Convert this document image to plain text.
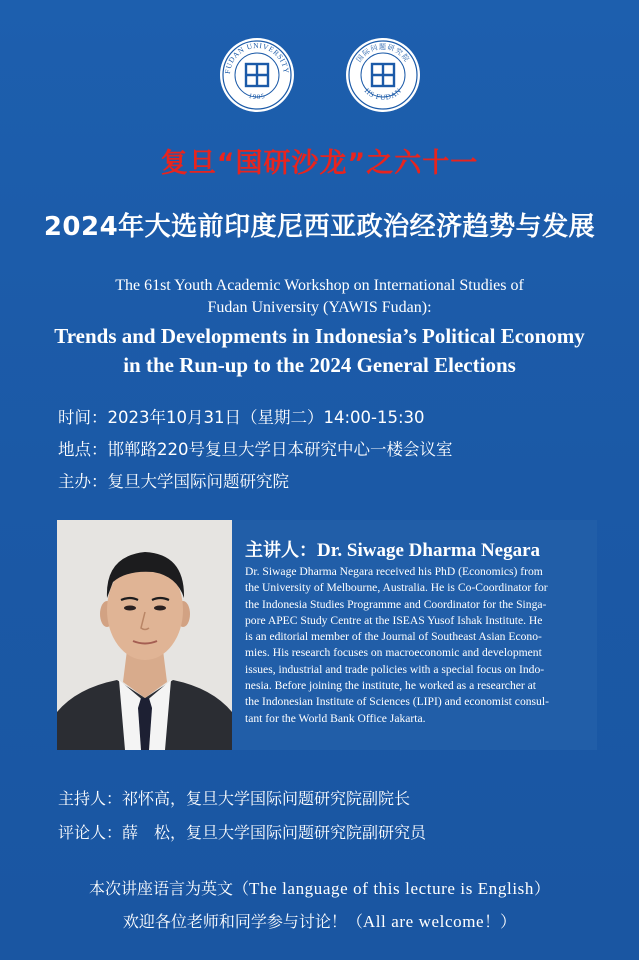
FUDAN UNIVERSITY
1905
国际问题研究院
IIS FUDAN
复旦“国研沙龙”之六十一
2024年大选前印度尼西亚政治经济趋势与发展
The 61st Youth Academic Workshop on International Studies of
Fudan University (YAWIS Fudan):
Trends and Developments in Indonesia’s Political Economy
in the Run-up to the 2024 General Elections
时间：2023年10月31日（星期二）14:00-15:30
地点：邯郸路220号复旦大学日本研究中心一楼会议室
主办：复旦大学国际问题研究院
主讲人：Dr. Siwage Dharma Negara
Dr. Siwage Dharma Negara received his PhD (Economics) from
the University of Melbourne, Australia. He is Co-Coordinator for
the Indonesia Studies Programme and Coordinator for the Singa-
pore APEC Study Centre at the ISEAS Yusof Ishak Institute. He
is an editorial member of the Journal of Southeast Asian Econo-
mies. His research focuses on macroeconomic and development
issues, industrial and trade policies with a special focus on Indo-
nesia. Before joining the institute, he worked as a researcher at
the Indonesian Institute of Sciences (LIPI) and economist consul-
tant for the World Bank Office Jakarta.
主持人：祁怀高，复旦大学国际问题研究院副院长
评论人：薛　松，复旦大学国际问题研究院副研究员
本次讲座语言为英文（The language of this lecture is English）
欢迎各位老师和同学参与讨论！（All are welcome！）
